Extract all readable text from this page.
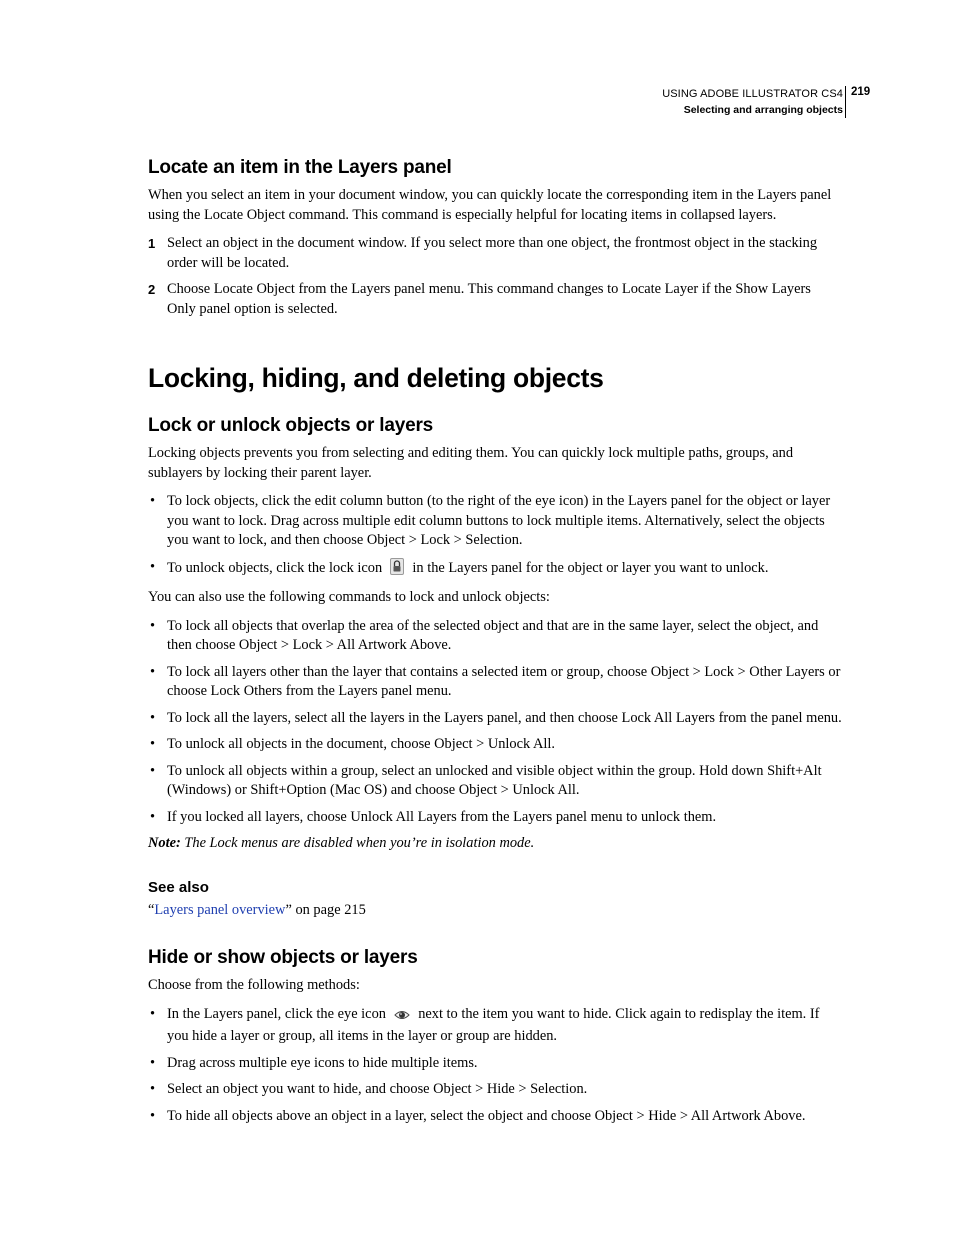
USING ADOBE ILLUSTRATOR CS4
Selecting and arranging objects
219
Locate an item in the Layers panel

When you select an item in your document window, you can quickly locate the corresponding item in the Layers panel using the Locate Object command. This command is especially helpful for locating items in collapsed layers.

1 Select an object in the document window. If you select more than one object, the frontmost object in the stacking order will be located.
2 Choose Locate Object from the Layers panel menu. This command changes to Locate Layer if the Show Layers Only panel option is selected.
Locking, hiding, and deleting objects
Lock or unlock objects or layers

Locking objects prevents you from selecting and editing them. You can quickly lock multiple paths, groups, and sublayers by locking their parent layer.

• To lock objects, click the edit column button (to the right of the eye icon) in the Layers panel for the object or layer you want to lock. Drag across multiple edit column buttons to lock multiple items. Alternatively, select the objects you want to lock, and then choose Object > Lock > Selection.
• To unlock objects, click the lock icon in the Layers panel for the object or layer you want to unlock.

You can also use the following commands to lock and unlock objects:

• To lock all objects that overlap the area of the selected object and that are in the same layer, select the object, and then choose Object > Lock > All Artwork Above.
• To lock all layers other than the layer that contains a selected item or group, choose Object > Lock > Other Layers or choose Lock Others from the Layers panel menu.
• To lock all the layers, select all the layers in the Layers panel, and then choose Lock All Layers from the panel menu.
• To unlock all objects in the document, choose Object > Unlock All.
• To unlock all objects within a group, select an unlocked and visible object within the group. Hold down Shift+Alt (Windows) or Shift+Option (Mac OS) and choose Object > Unlock All.
• If you locked all layers, choose Unlock All Layers from the Layers panel menu to unlock them.

Note: The Lock menus are disabled when you’re in isolation mode.

See also

“Layers panel overview” on page 215

Hide or show objects or layers

Choose from the following methods:

• In the Layers panel, click the eye icon next to the item you want to hide. Click again to redisplay the item. If you hide a layer or group, all items in the layer or group are hidden.
• Drag across multiple eye icons to hide multiple items.
• Select an object you want to hide, and choose Object > Hide > Selection.
• To hide all objects above an object in a layer, select the object and choose Object > Hide > All Artwork Above.
